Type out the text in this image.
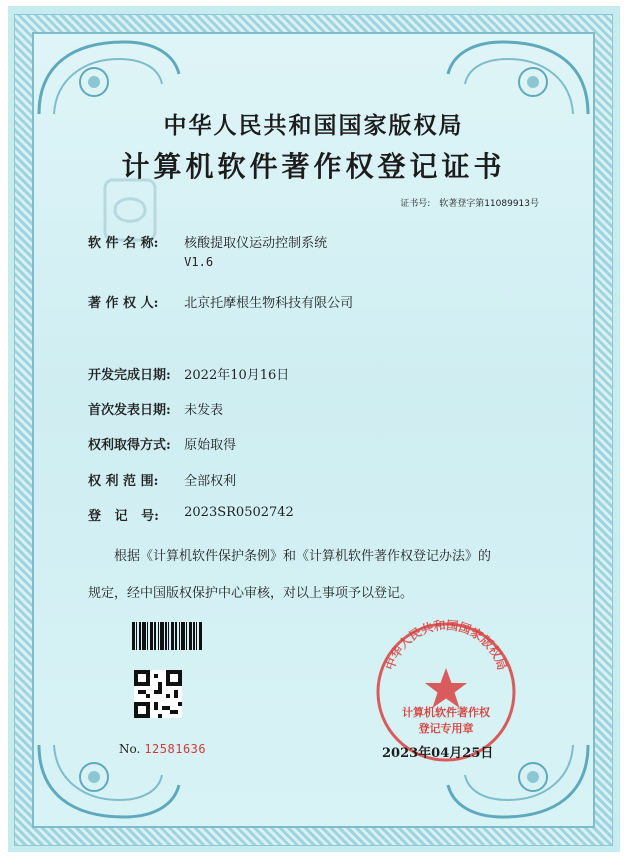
中华人民共和国国家版权局
计算机软件著作权登记证书
证书号: 软著登字第11089913号
软 件 名 称: 核酸提取仪运动控制系统
V1.6
著 作 权 人: 北京托摩根生物科技有限公司
开发完成日期: 2022年10月16日
首次发表日期: 未发表
权利取得方式: 原始取得
权 利 范 围: 全部权利
登   记   号: 2023SR0502742
根据《计算机软件保护条例》和《计算机软件著作权登记办法》的
规定，经中国版权保护中心审核，对以上事项予以登记。
No. 12581636
中华人民共和国国家版权局
计算机软件著作权
登记专用章
2023年04月25日
